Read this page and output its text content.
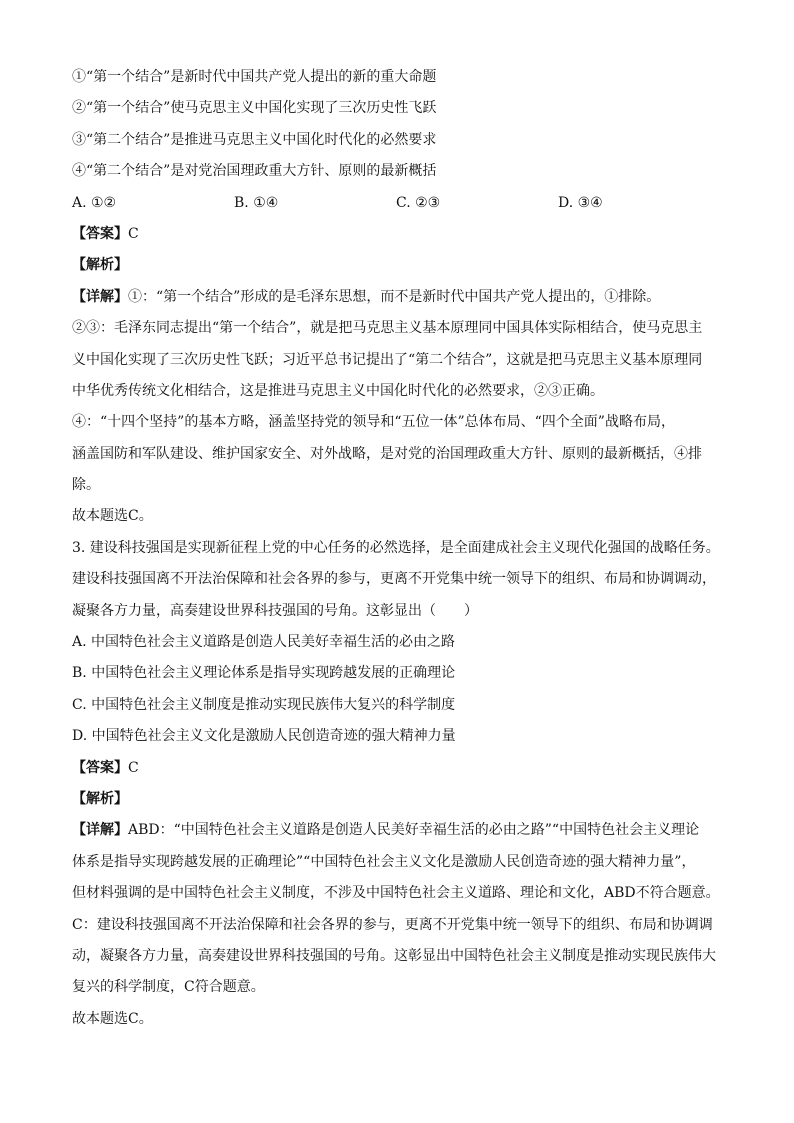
①“第一个结合”是新时代中国共产党人提出的新的重大命题
②“第一个结合”使马克思主义中国化实现了三次历史性飞跃
③“第二个结合”是推进马克思主义中国化时代化的必然要求
④“第二个结合”是对党治国理政重大方针、原则的最新概括
A. ①②	B. ①④	C. ②③	D. ③④
【答案】C
【解析】
【详解】①：“第一个结合”形成的是毛泽东思想，而不是新时代中国共产党人提出的，①排除。
②③：毛泽东同志提出“第一个结合”，就是把马克思主义基本原理同中国具体实际相结合，使马克思主
义中国化实现了三次历史性飞跃；习近平总书记提出了“第二个结合”，这就是把马克思主义基本原理同
中华优秀传统文化相结合，这是推进马克思主义中国化时代化的必然要求，②③正确。
④：“十四个坚持”的基本方略，涵盖坚持党的领导和“五位一体”总体布局、“四个全面”战略布局，
涵盖国防和军队建设、维护国家安全、对外战略，是对党的治国理政重大方针、原则的最新概括，④排
除。
故本题选C。
3. 建设科技强国是实现新征程上党的中心任务的必然选择，是全面建成社会主义现代化强国的战略任务。
建设科技强国离不开法治保障和社会各界的参与，更离不开党集中统一领导下的组织、布局和协调调动，
凝聚各方力量，高奏建设世界科技强国的号角。这彰显出（　　）
A. 中国特色社会主义道路是创造人民美好幸福生活的必由之路
B. 中国特色社会主义理论体系是指导实现跨越发展的正确理论
C. 中国特色社会主义制度是推动实现民族伟大复兴的科学制度
D. 中国特色社会主义文化是激励人民创造奇迹的强大精神力量
【答案】C
【解析】
【详解】ABD：“中国特色社会主义道路是创造人民美好幸福生活的必由之路”“中国特色社会主义理论
体系是指导实现跨越发展的正确理论”“中国特色社会主义文化是激励人民创造奇迹的强大精神力量”，
但材料强调的是中国特色社会主义制度，不涉及中国特色社会主义道路、理论和文化，ABD不符合题意。
C：建设科技强国离不开法治保障和社会各界的参与，更离不开党集中统一领导下的组织、布局和协调调
动，凝聚各方力量，高奏建设世界科技强国的号角。这彰显出中国特色社会主义制度是推动实现民族伟大
复兴的科学制度，C符合题意。
故本题选C。
